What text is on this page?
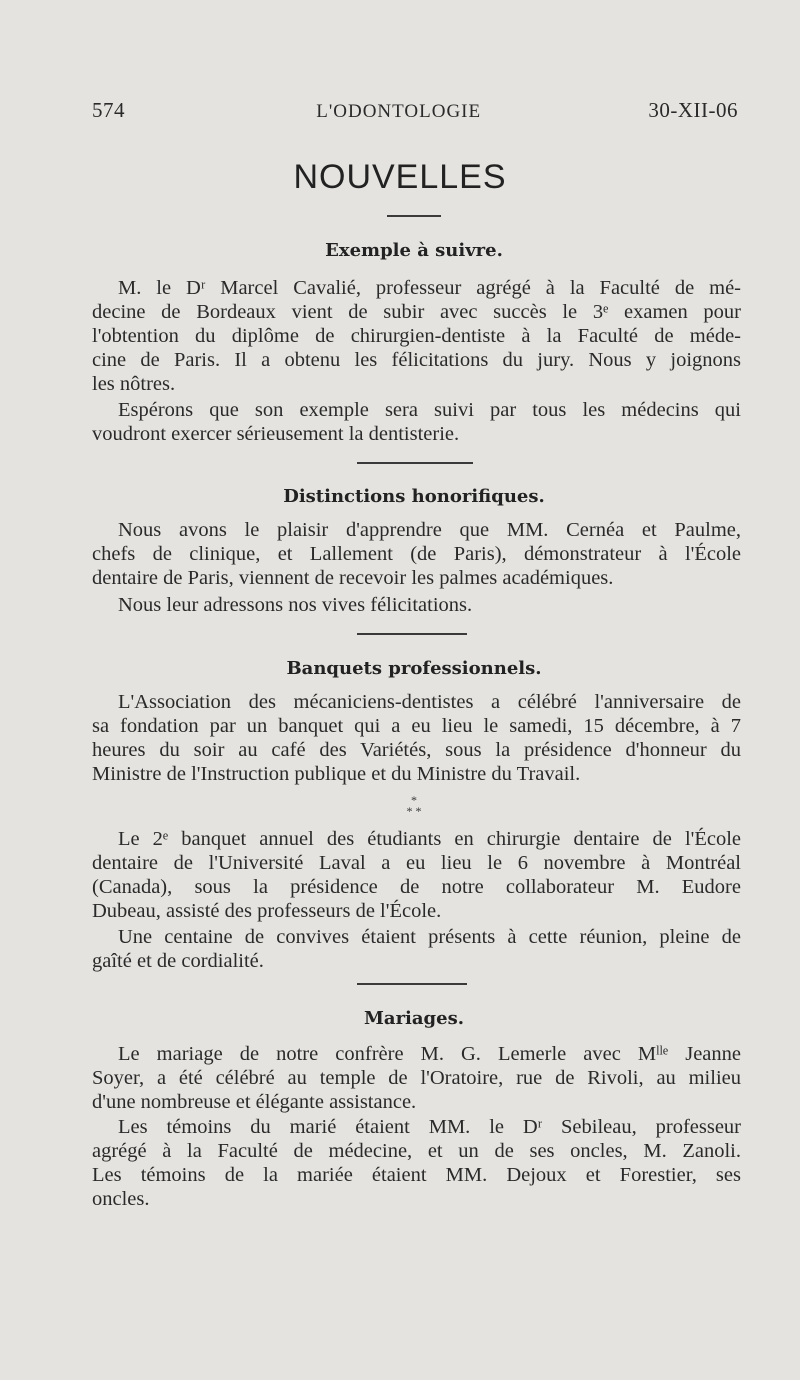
574	L'ODONTOLOGIE	30-XII-06
NOUVELLES
Exemple à suivre.
M. le Dʳ Marcel Cavalié, professeur agrégé à la Faculté de mé-
decine de Bordeaux vient de subir avec succès le 3ᵉ examen pour
l'obtention du diplôme de chirurgien-dentiste à la Faculté de méde-
cine de Paris. Il a obtenu les félicitations du jury. Nous y joignons
les nôtres.
Espérons que son exemple sera suivi par tous les médecins qui
voudront exercer sérieusement la dentisterie.
Distinctions honorifiques.
Nous avons le plaisir d'apprendre que MM. Cernéa et Paulme,
chefs de clinique, et Lallement (de Paris), démonstrateur à l'École
dentaire de Paris, viennent de recevoir les palmes académiques.
Nous leur adressons nos vives félicitations.
Banquets professionnels.
L'Association des mécaniciens-dentistes a célébré l'anniversaire de
sa fondation par un banquet qui a eu lieu le samedi, 15 décembre, à 7
heures du soir au café des Variétés, sous la présidence d'honneur du
Ministre de l'Instruction publique et du Ministre du Travail.
*
* *
Le 2ᵉ banquet annuel des étudiants en chirurgie dentaire de l'École
dentaire de l'Université Laval a eu lieu le 6 novembre à Montréal
(Canada), sous la présidence de notre collaborateur M. Eudore
Dubeau, assisté des professeurs de l'École.
Une centaine de convives étaient présents à cette réunion, pleine de
gaîté et de cordialité.
Mariages.
Le mariage de notre confrère M. G. Lemerle avec Mˡˡᵉ Jeanne
Soyer, a été célébré au temple de l'Oratoire, rue de Rivoli, au milieu
d'une nombreuse et élégante assistance.
Les témoins du marié étaient MM. le Dʳ Sebileau, professeur
agrégé à la Faculté de médecine, et un de ses oncles, M. Zanoli.
Les témoins de la mariée étaient MM. Dejoux et Forestier, ses
oncles.
